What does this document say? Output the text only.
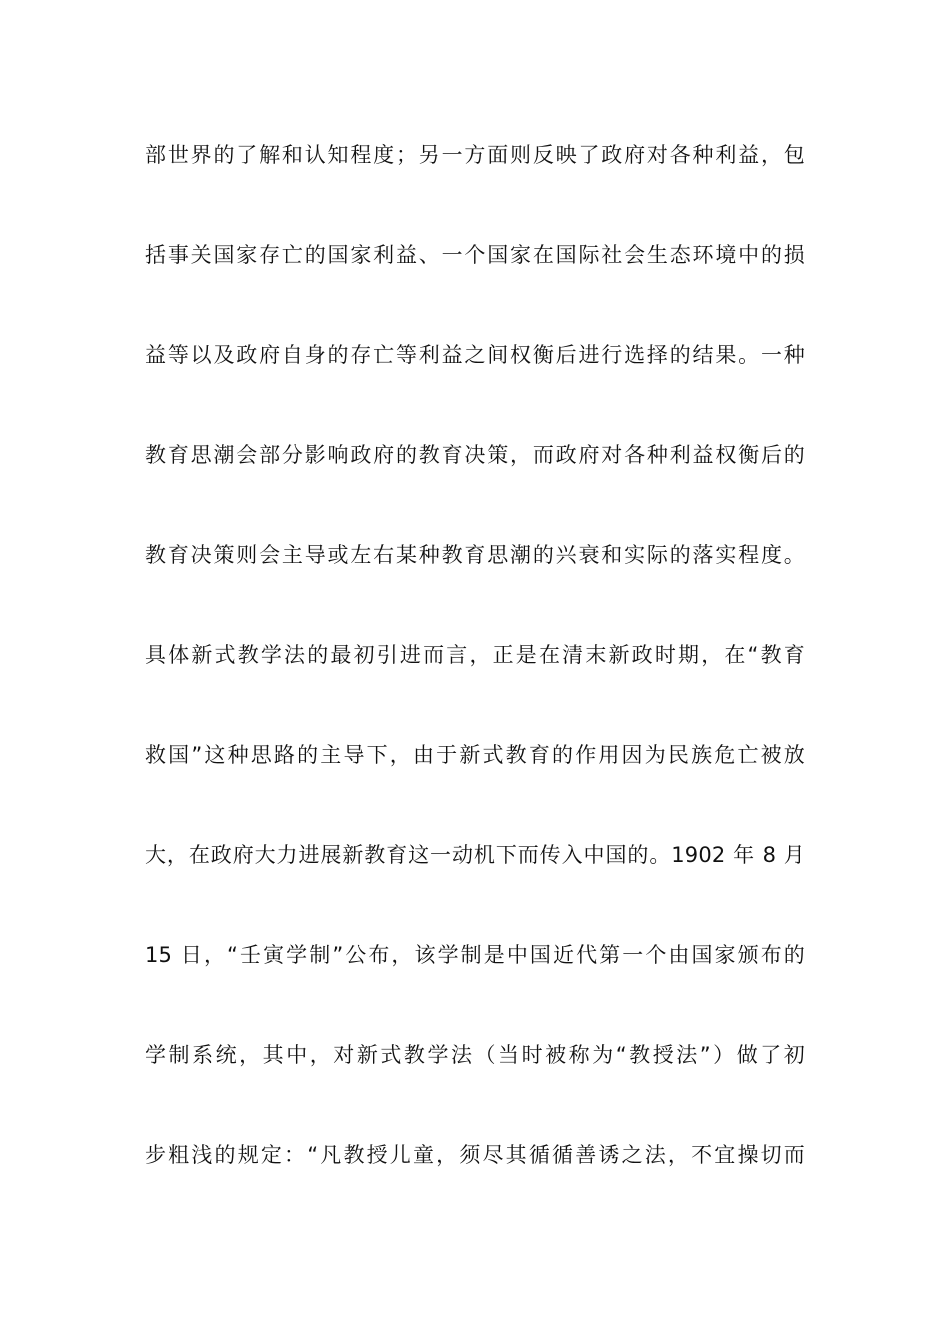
部世界的了解和认知程度；另一方面则反映了政府对各种利益，包
括事关国家存亡的国家利益、一个国家在国际社会生态环境中的损
益等以及政府自身的存亡等利益之间权衡后进行选择的结果。一种
教育思潮会部分影响政府的教育决策，而政府对各种利益权衡后的
教育决策则会主导或左右某种教育思潮的兴衰和实际的落实程度。
具体新式教学法的最初引进而言，正是在清末新政时期，在“教育
救国”这种思路的主导下，由于新式教育的作用因为民族危亡被放
大，在政府大力进展新教育这一动机下而传入中国的。1902 年 8 月
15 日，“壬寅学制”公布，该学制是中国近代第一个由国家颁布的
学制系统，其中，对新式教学法（当时被称为“教授法”）做了初
步粗浅的规定：“凡教授儿童，须尽其循循善诱之法，不宜操切而
